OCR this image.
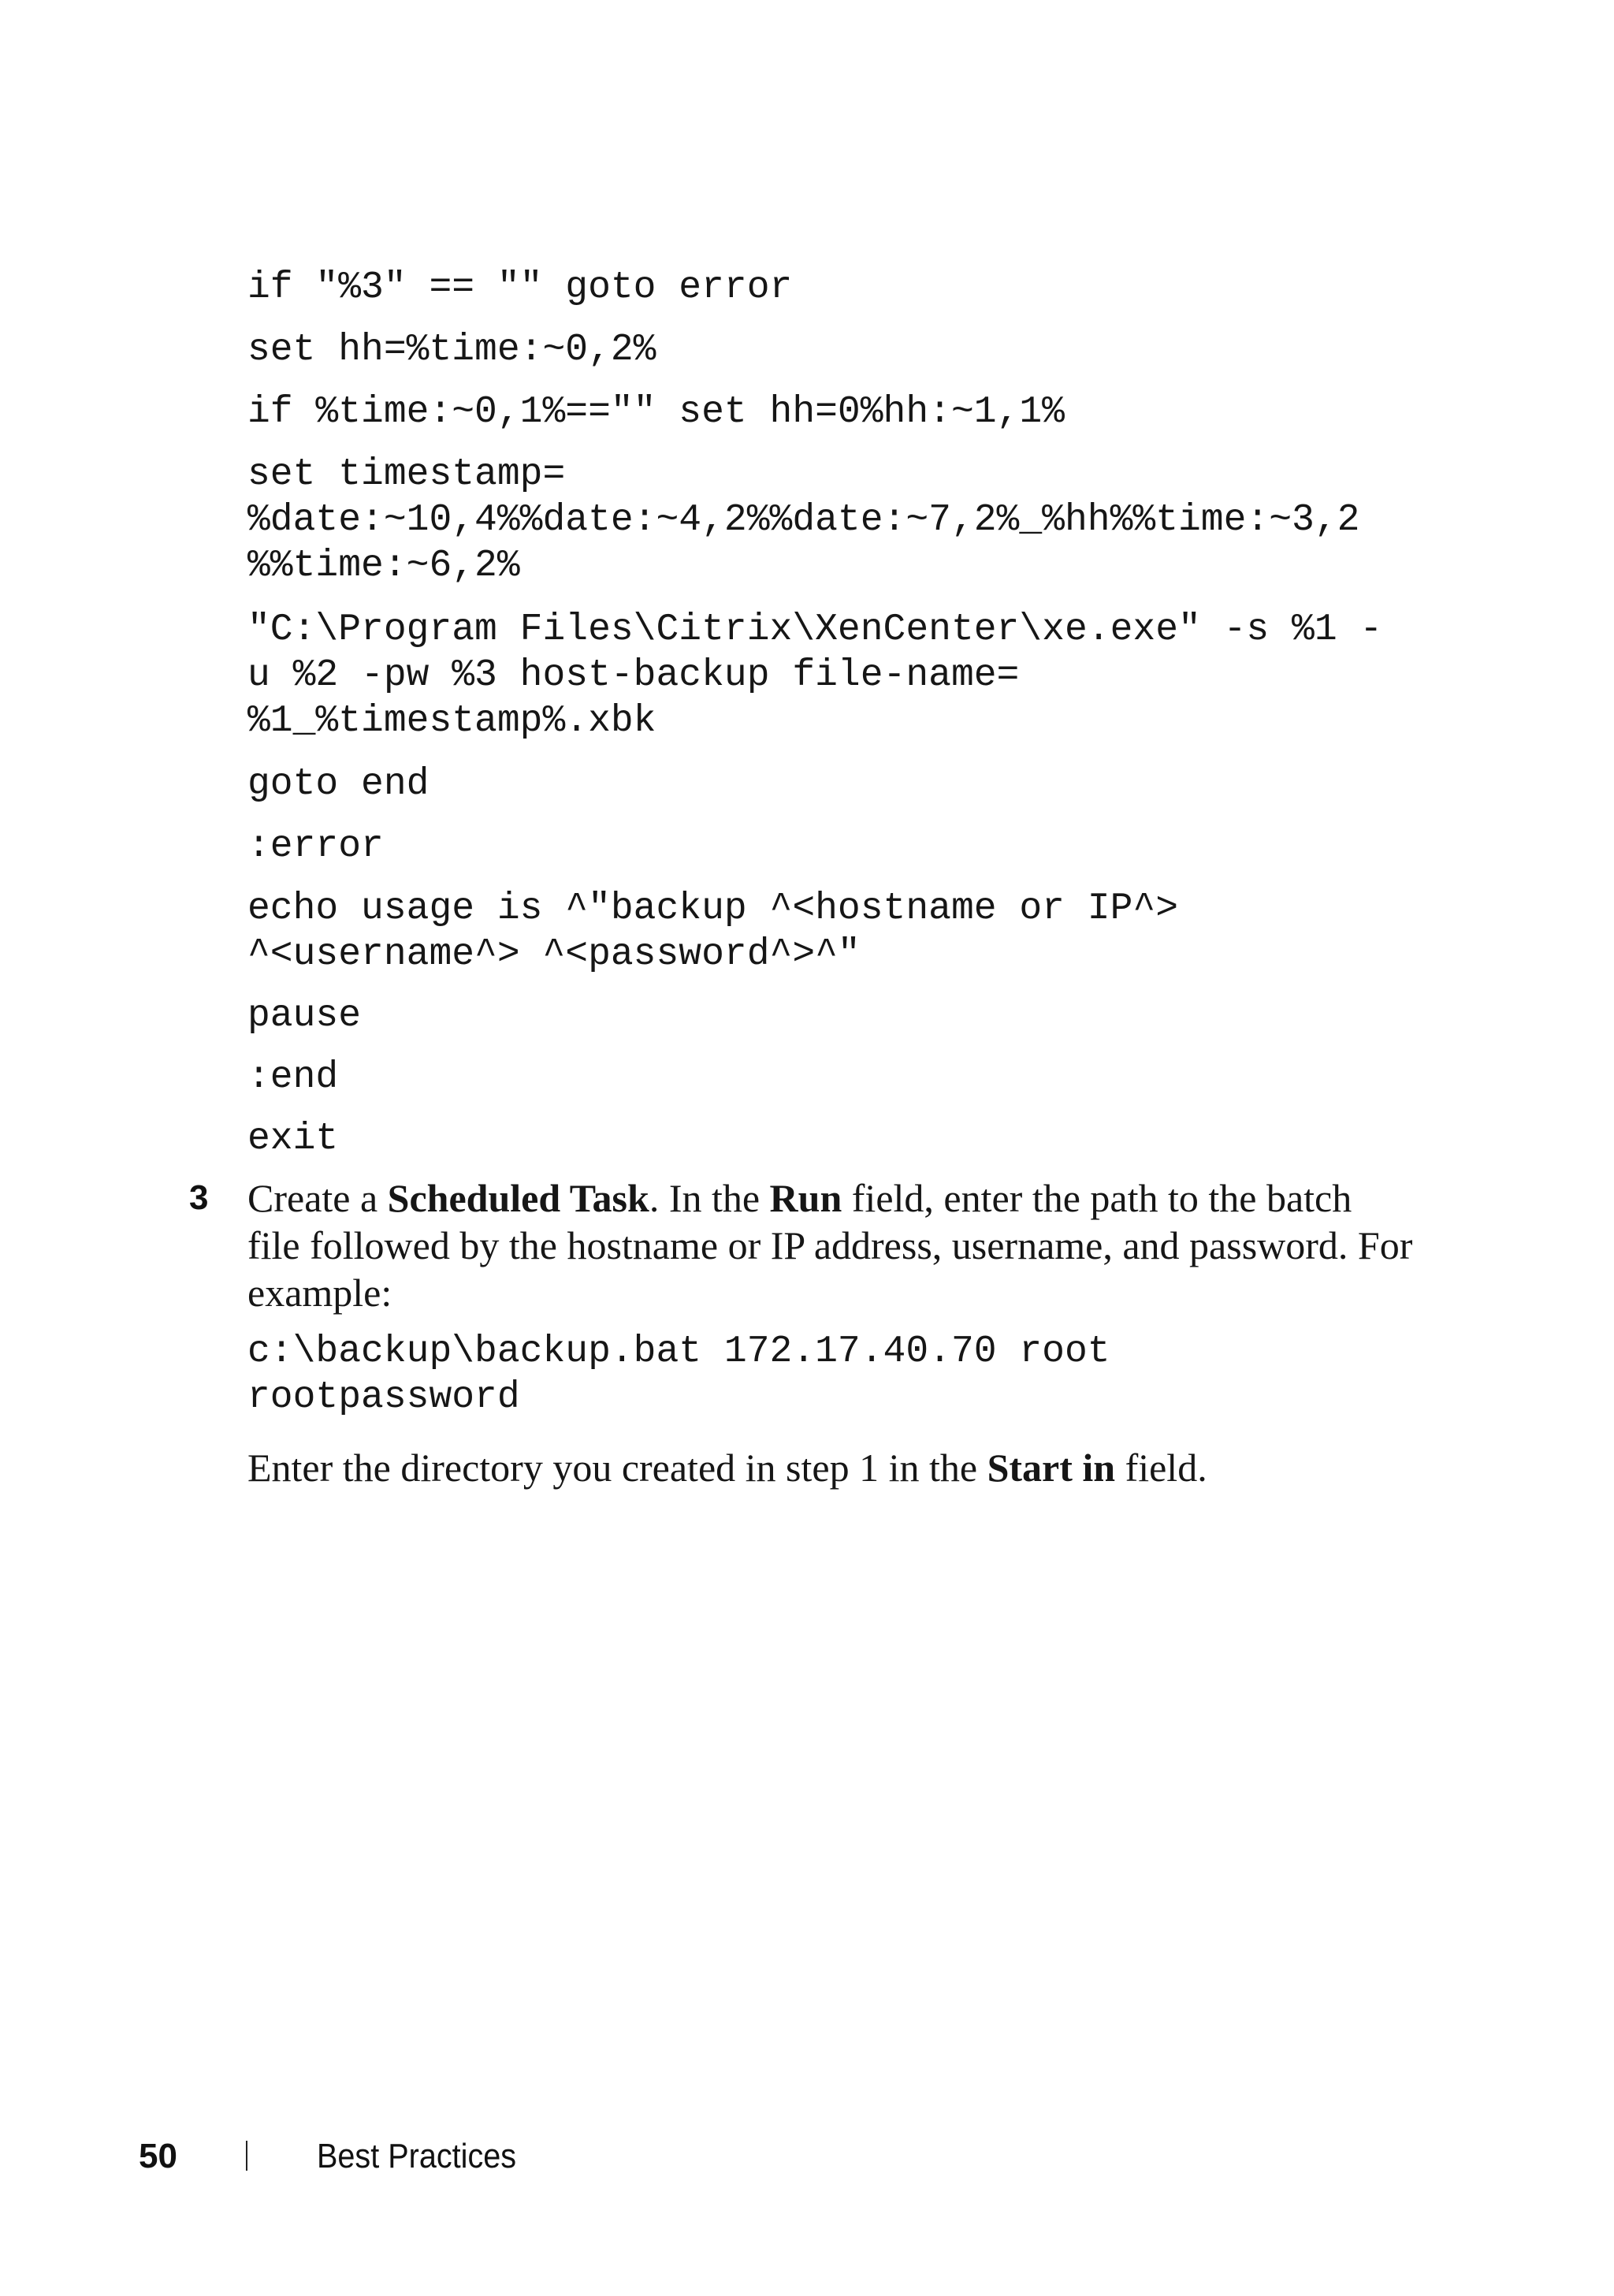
if "%3" == "" goto error
set hh=%time:~0,2%
if %time:~0,1%=="" set hh=0%hh:~1,1%
set timestamp=
%date:~10,4%%date:~4,2%%date:~7,2%_%hh%%time:~3,2
%%time:~6,2%
"C:\Program Files\Citrix\XenCenter\xe.exe" -s %1 -
u %2 -pw %3 host-backup file-name=
%1_%timestamp%.xbk
goto end
:error
echo usage is ^"backup ^<hostname or IP^>
^<username^> ^<password^>^"
pause
:end
exit
3 Create a Scheduled Task. In the Run field, enter the path to the batch file followed by the hostname or IP address, username, and password. For example:
c:\backup\backup.bat 172.17.40.70 root
rootpassword
Enter the directory you created in step 1 in the Start in field.
50	Best Practices
